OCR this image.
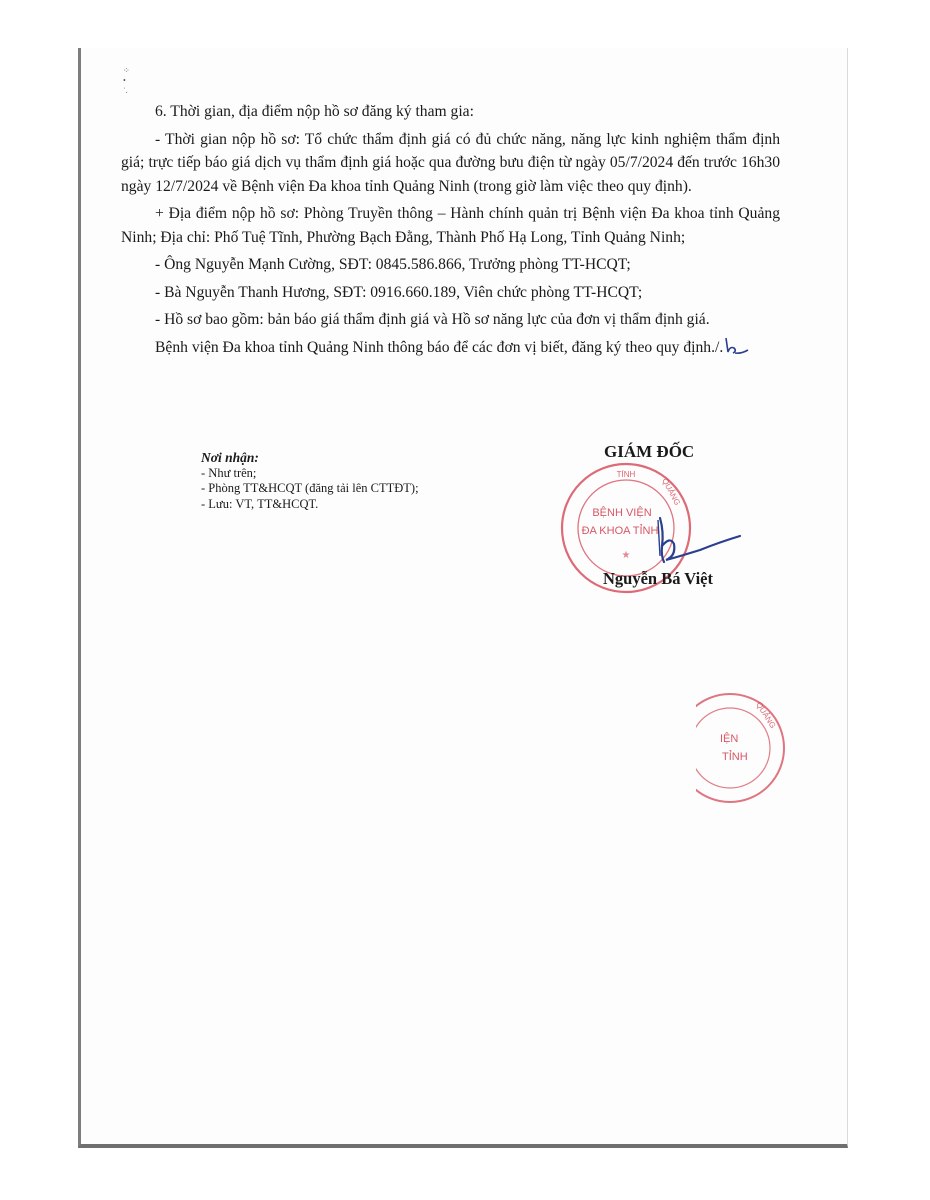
⁘
•
˙.

6. Thời gian, địa điểm nộp hồ sơ đăng ký tham gia:

- Thời gian nộp hồ sơ: Tổ chức thẩm định giá có đủ chức năng, năng lực kinh nghiệm thẩm định giá; trực tiếp báo giá dịch vụ thẩm định giá hoặc qua đường bưu điện từ ngày 05/7/2024 đến trước 16h30 ngày 12/7/2024 về Bệnh viện Đa khoa tỉnh Quảng Ninh (trong giờ làm việc theo quy định).

+ Địa điểm nộp hồ sơ: Phòng Truyền thông – Hành chính quản trị Bệnh viện Đa khoa tỉnh Quảng Ninh; Địa chỉ: Phố Tuệ Tĩnh, Phường Bạch Đằng, Thành Phố Hạ Long, Tỉnh Quảng Ninh;

- Ông Nguyễn Mạnh Cường, SĐT: 0845.586.866, Trưởng phòng TT-HCQT;

- Bà Nguyễn Thanh Hương, SĐT: 0916.660.189, Viên chức phòng TT-HCQT;

- Hồ sơ bao gồm: bản báo giá thẩm định giá và Hồ sơ năng lực của đơn vị thẩm định giá.

Bệnh viện Đa khoa tỉnh Quảng Ninh thông báo để các đơn vị biết, đăng ký theo quy định./.

Nơi nhận:
- Như trên;
- Phòng TT&HCQT (đăng tải lên CTTĐT);
- Lưu: VT, TT&HCQT.
GIÁM ĐỐC
TỈNH
QUẢNG
BỆNH VIỆN
ĐA KHOA TỈNH
★
Nguyễn Bá Việt
QUẢNG
IỆN
TỈNH
